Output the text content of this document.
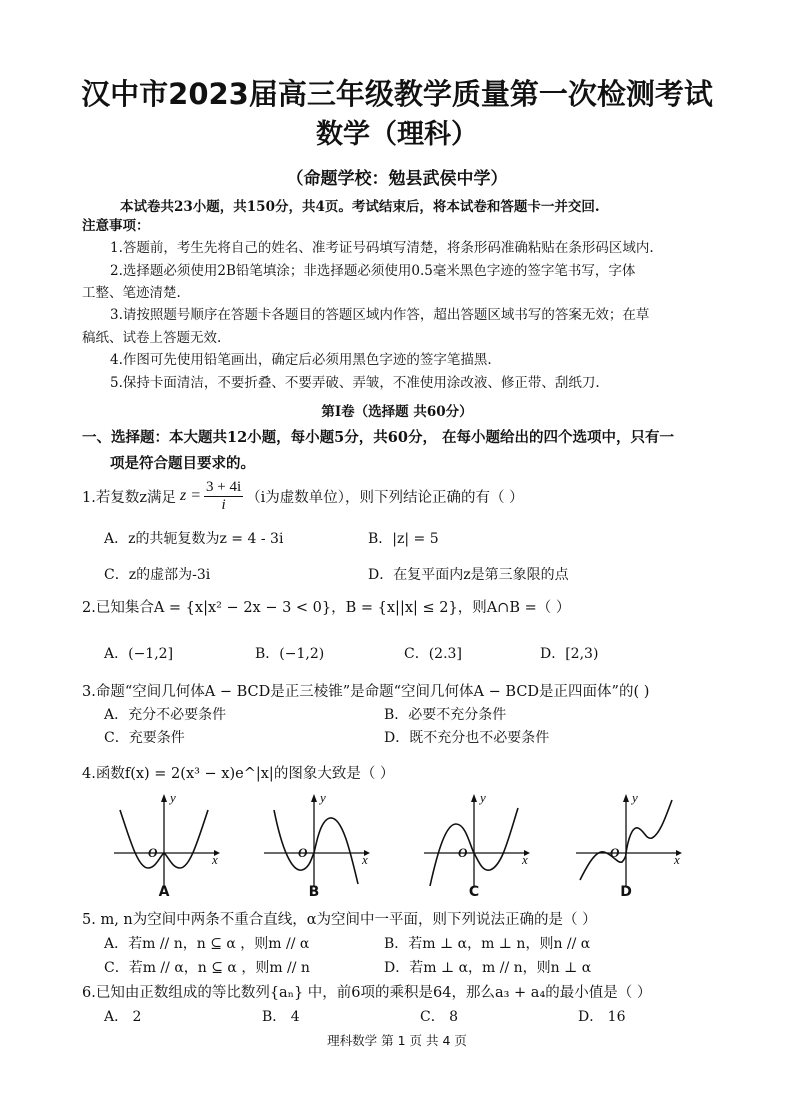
汉中市2023届高三年级教学质量第一次检测考试
数学（理科）
（命题学校：勉县武侯中学）
本试卷共23小题，共150分，共4页。考试结束后，将本试卷和答题卡一并交回.
注意事项：
1.答题前，考生先将自己的姓名、准考证号码填写清楚，将条形码准确粘贴在条形码区域内.
2.选择题必须使用2B铅笔填涂；非选择题必须使用0.5毫米黑色字迹的签字笔书写，字体
工整、笔迹清楚.
3.请按照题号顺序在答题卡各题目的答题区域内作答，超出答题区域书写的答案无效；在草
稿纸、试卷上答题无效.
4.作图可先使用铅笔画出，确定后必须用黑色字迹的签字笔描黑.
5.保持卡面清洁，不要折叠、不要弄破、弄皱，不准使用涂改液、修正带、刮纸刀.
第Ⅰ卷（选择题 共60分）
一、选择题：本大题共12小题，每小题5分，共60分， 在每小题给出的四个选项中，只有一
项是符合题目要求的。
1.若复数z满足 $z = \frac{3 + 4i}{i} (i$为虚数单位），则下列结论正确的有（ ）
A．z的共轭复数为z = 4 - 3i	B．|z| = 5
C．z的虚部为-3i	D．在复平面内z是第三象限的点
2.已知集合A = {x|x² − 2x − 3 < 0}，B = {x||x| ≤ 2}，则A∩B =（ ）
A．(−1,2]	B．(−1,2)	C．(2.3]	D．[2,3)
3.命题“空间几何体A − BCD是正三棱锥”是命题“空间几何体A − BCD是正四面体”的( )
A．充分不必要条件	B．必要不充分条件
C．充要条件	D．既不充分也不必要条件
4.函数f(x) = 2(x³ − x)e^|x|的图象大致是（ ）
y
x
O
A
y
x
O
B
y
x
O
C
y
x
O
D
5. m, n为空间中两条不重合直线，α为空间中一平面，则下列说法正确的是（ ）
A．若m // n，n ⊆ α ，则m // α	B．若m ⊥ α，m ⊥ n，则n // α
C．若m // α，n ⊆ α ，则m // n	D．若m ⊥ α，m // n，则n ⊥ α
6.已知由正数组成的等比数列{aₙ} 中，前6项的乘积是64，那么a₃ + a₄的最小值是（ ）
A． 2	B． 4	C． 8	D． 16
理科数学 第 1 页 共 4 页
